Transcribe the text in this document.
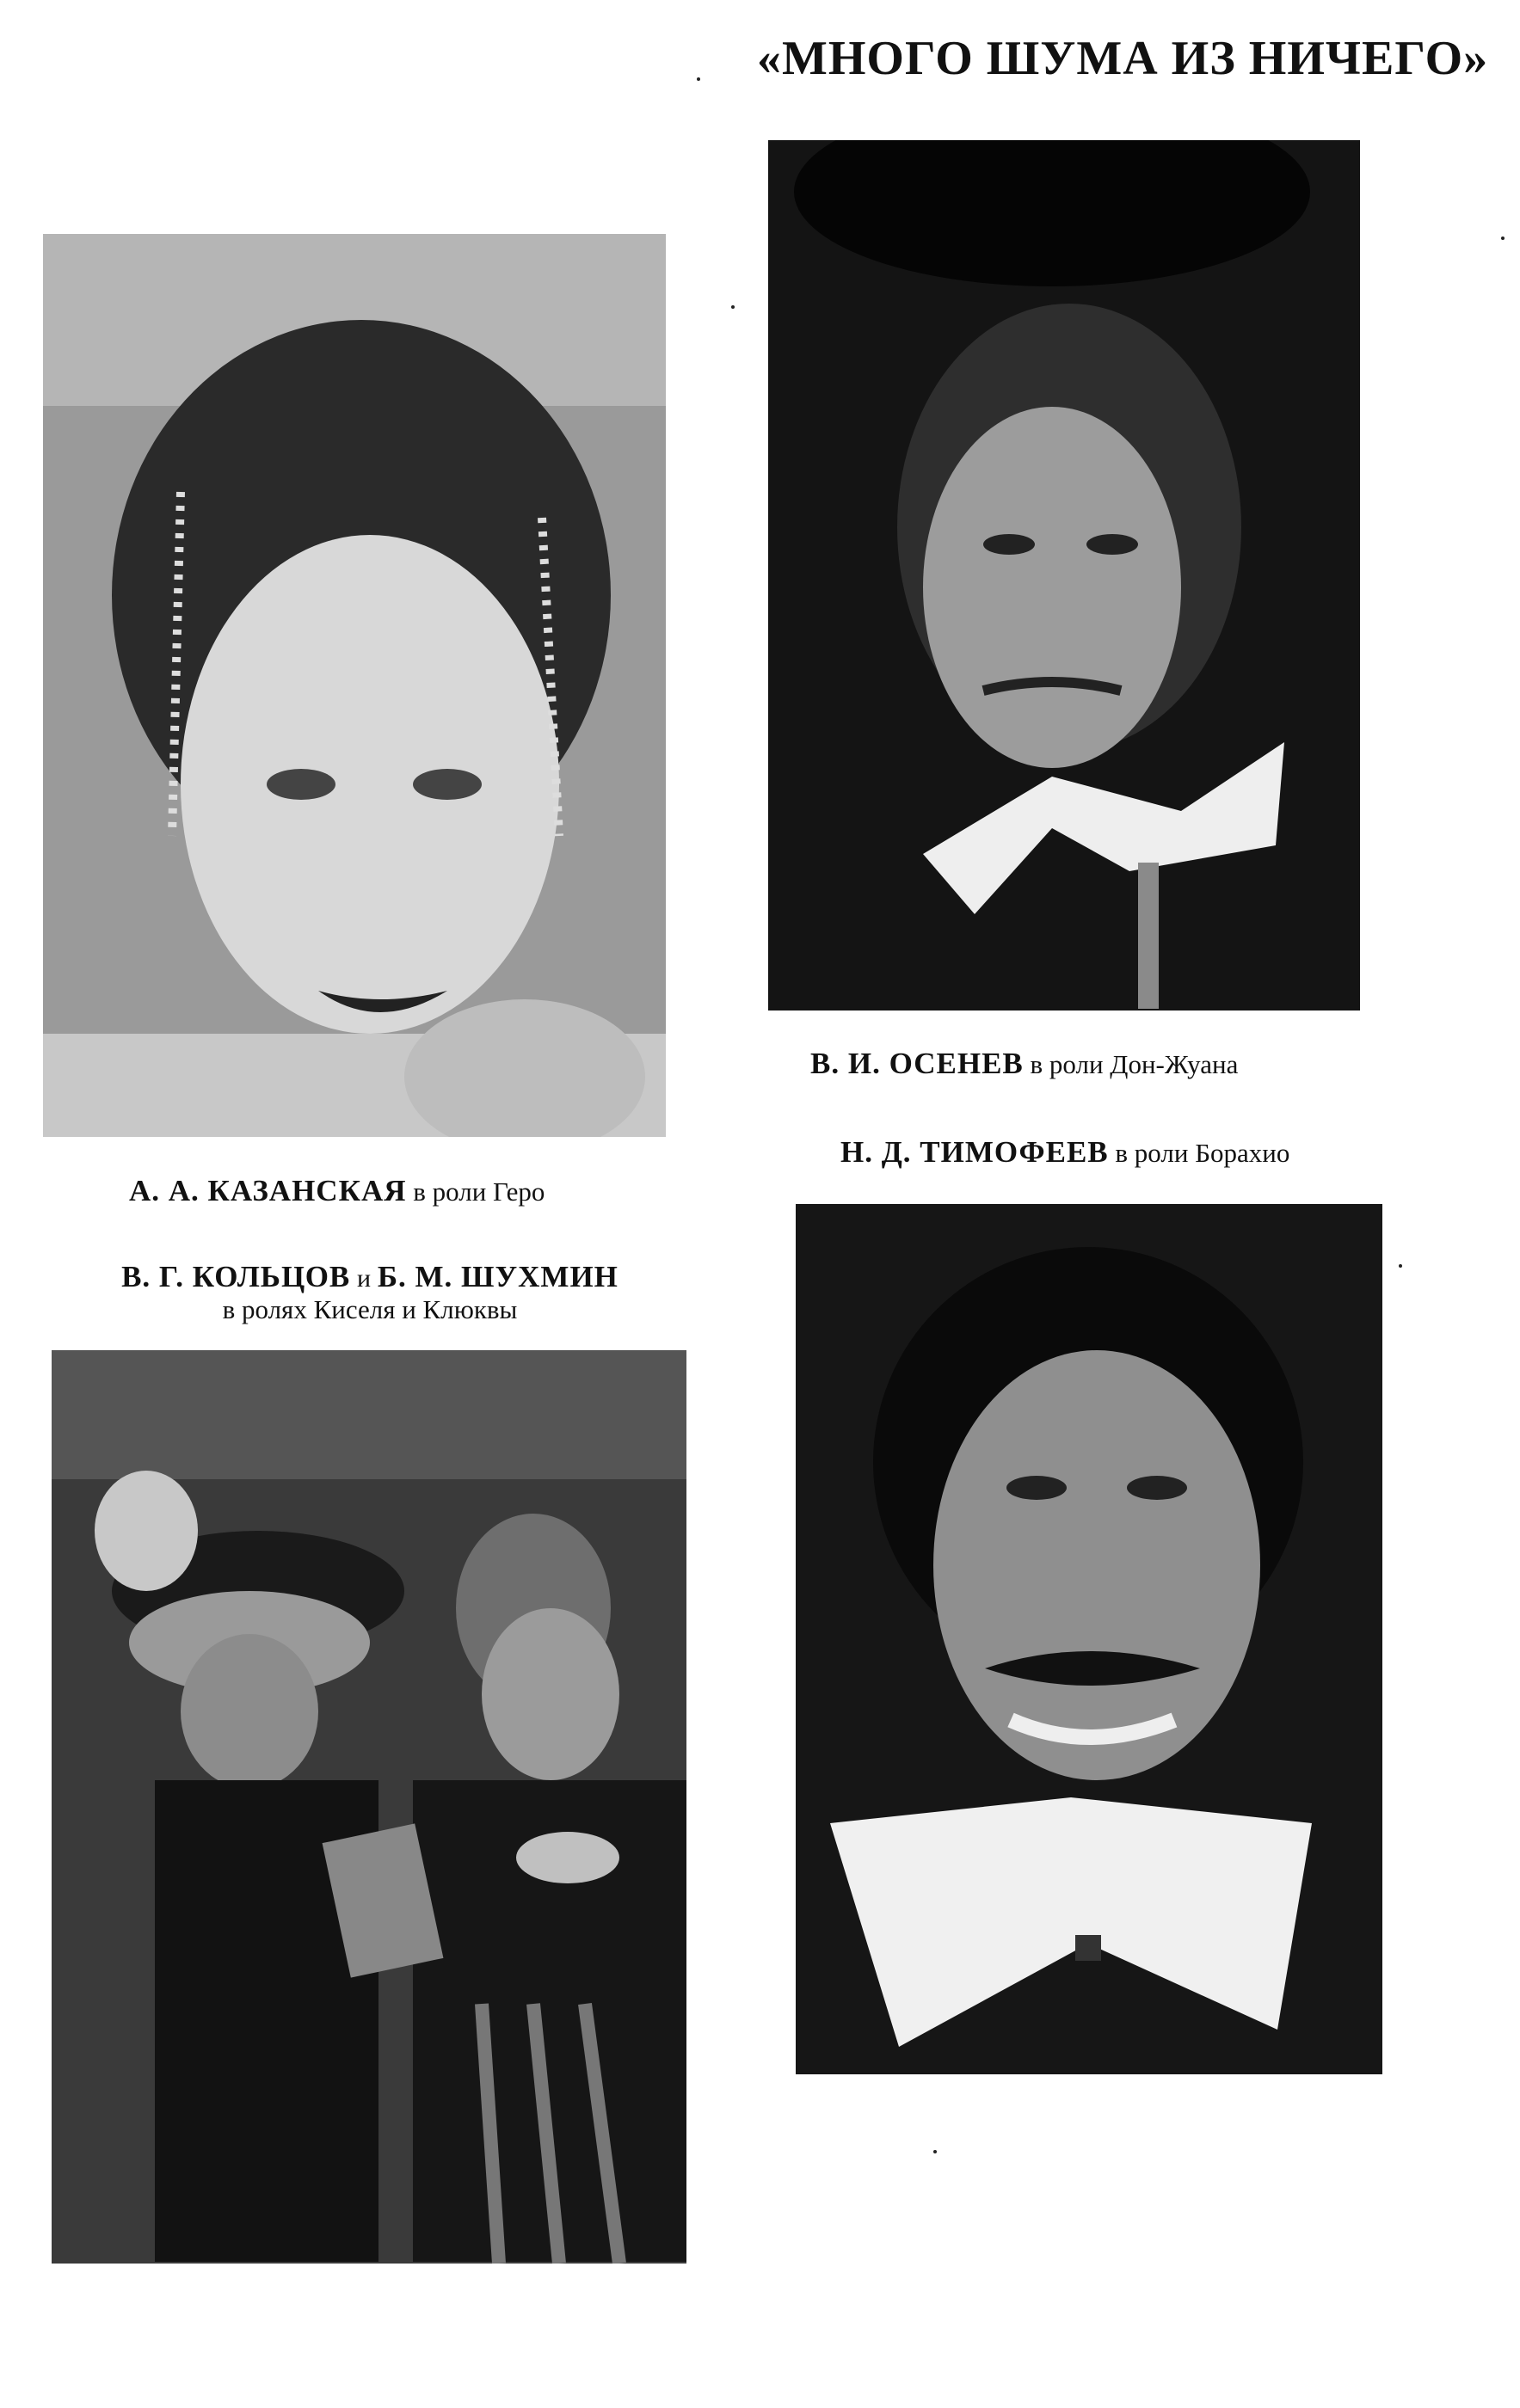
«МНОГО ШУМА ИЗ НИЧЕГО»
А. А. КАЗАНСКАЯ в роли Геро
В. И. ОСЕНЕВ в роли Дон-Жуана
Н. Д. ТИМОФЕЕВ в роли Борахио
В. Г. КОЛЬЦОВ и Б. М. ШУХМИН
в ролях Киселя и Клюквы
